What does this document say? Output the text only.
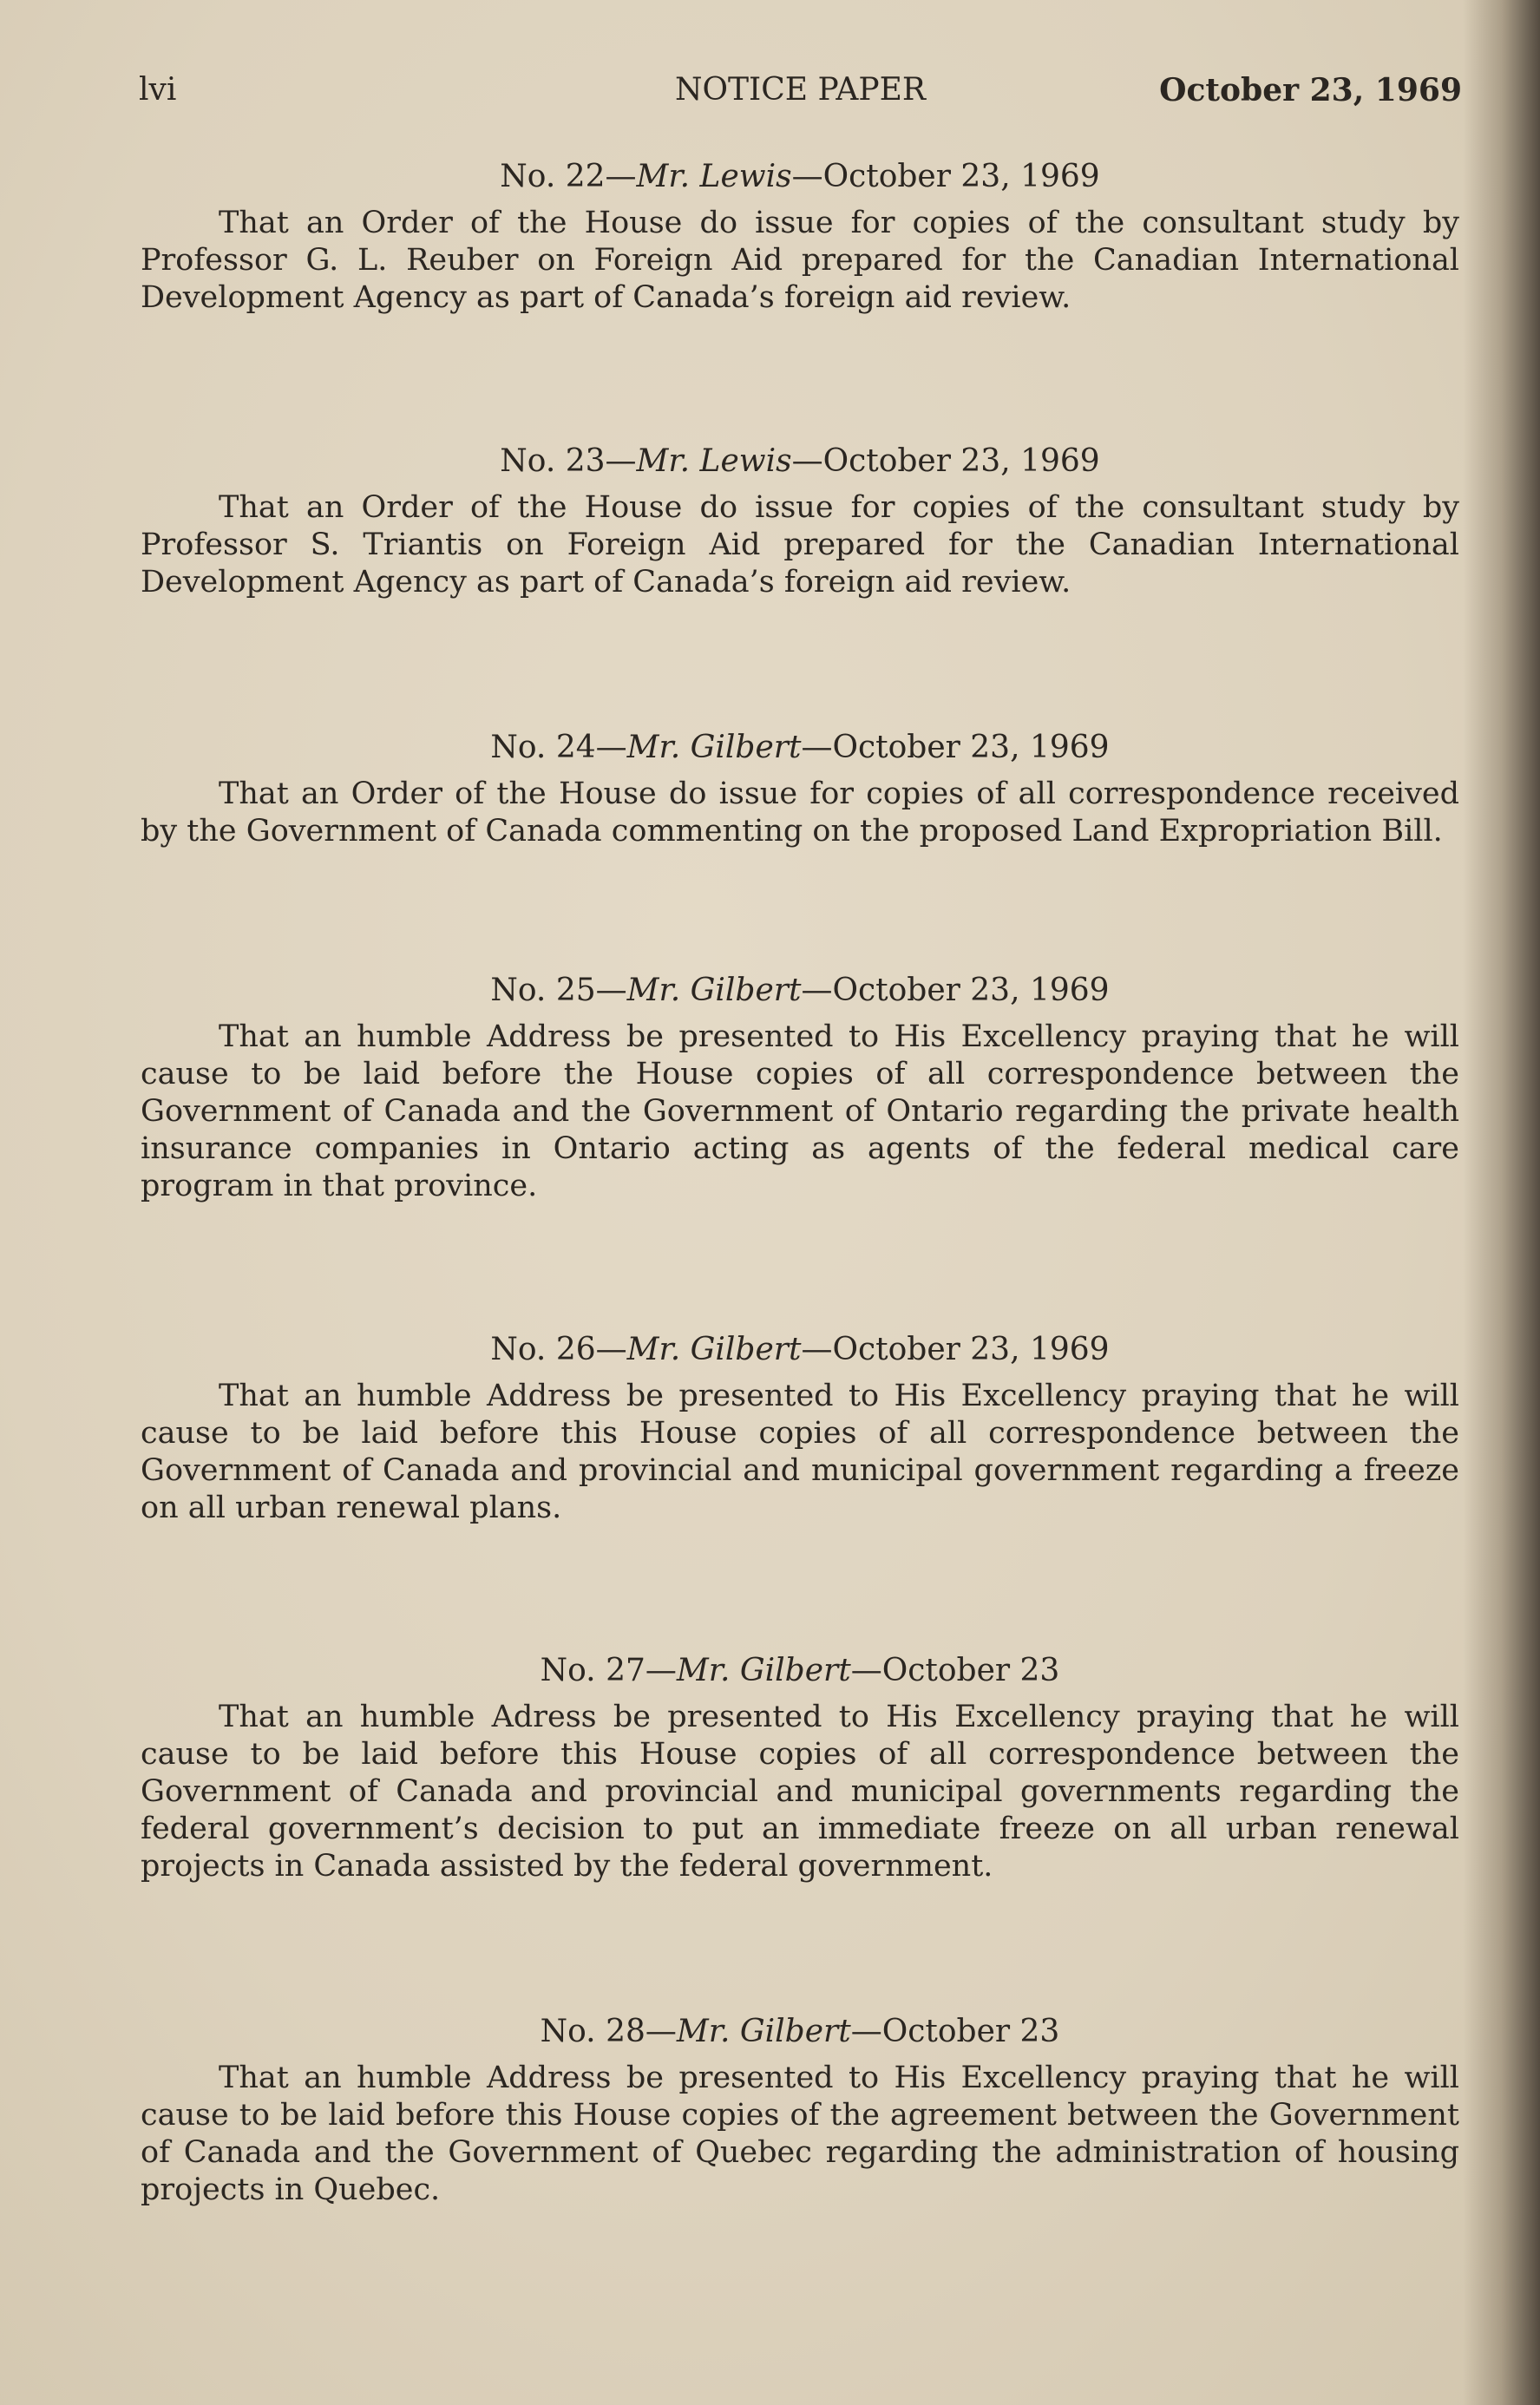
lvi	NOTICE PAPER	October 23, 1969

No. 22—Mr. Lewis—October 23, 1969

That an Order of the House do issue for copies of the consultant study by Professor G. L. Reuber on Foreign Aid prepared for the Canadian International Development Agency as part of Canada’s foreign aid review.

No. 23—Mr. Lewis—October 23, 1969

That an Order of the House do issue for copies of the consultant study by Professor S. Triantis on Foreign Aid prepared for the Canadian International Development Agency as part of Canada’s foreign aid review.

No. 24—Mr. Gilbert—October 23, 1969

That an Order of the House do issue for copies of all correspondence received by the Government of Canada commenting on the proposed Land Expropriation Bill.

No. 25—Mr. Gilbert—October 23, 1969

That an humble Address be presented to His Excellency praying that he will cause to be laid before the House copies of all correspondence between the Government of Canada and the Government of Ontario regarding the private health insurance companies in Ontario acting as agents of the federal medical care program in that province.

No. 26—Mr. Gilbert—October 23, 1969

That an humble Address be presented to His Excellency praying that he will cause to be laid before this House copies of all correspondence between the Government of Canada and provincial and municipal government regarding a freeze on all urban renewal plans.

No. 27—Mr. Gilbert—October 23

That an humble Adress be presented to His Excellency praying that he will cause to be laid before this House copies of all correspondence between the Government of Canada and provincial and municipal governments regarding the federal government’s decision to put an immediate freeze on all urban renewal projects in Canada assisted by the federal government.

No. 28—Mr. Gilbert—October 23

That an humble Address be presented to His Excellency praying that he will cause to be laid before this House copies of the agreement between the Government of Canada and the Government of Quebec regarding the administration of housing projects in Quebec.
